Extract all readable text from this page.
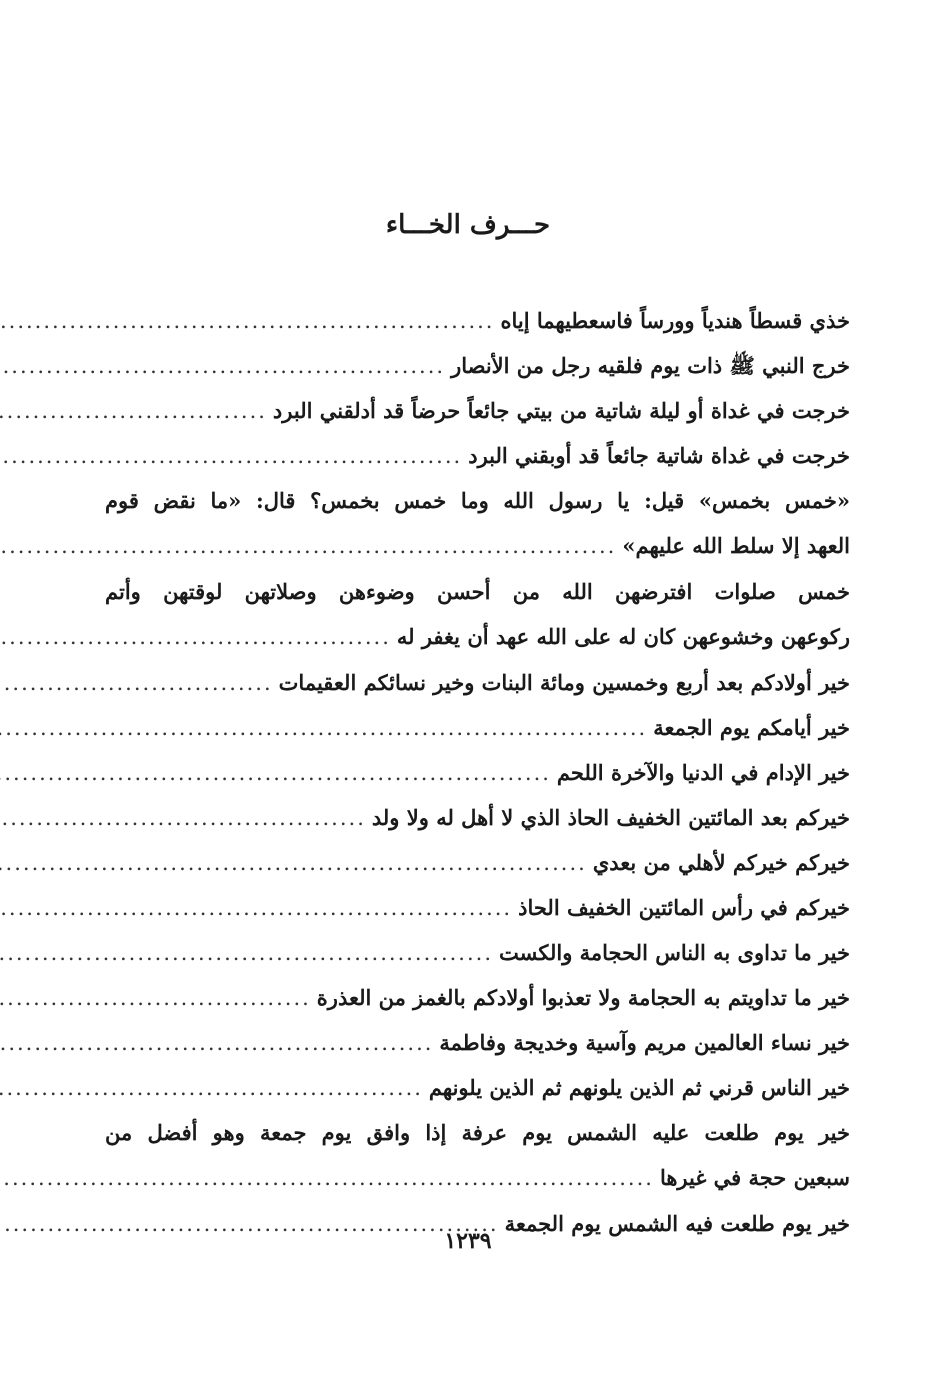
حـــرف الخـــاء
خذي قسطاً هندياً وورساً فاسعطيهما إياه
.....
خرج النبي ﷺ ذات يوم فلقيه رجل من الأنصار
.....
خرجت في غداة أو ليلة شاتية من بيتي جائعاً حرضاً قد أدلقني البرد
.....
خرجت في غداة شاتية جائعاً قد أوبقني البرد
.....
«خمس بخمس» قيل: يا رسول الله وما خمس بخمس؟ قال: «ما نقض قوم
العهد إلا سلط الله عليهم»
.....
خمس صلوات افترضهن الله من أحسن وضوءهن وصلاتهن لوقتهن وأتم
ركوعهن وخشوعهن كان له على الله عهد أن يغفر له
.....
خير أولادكم بعد أربع وخمسين ومائة البنات وخير نسائكم العقيمات
.....
خير أيامكم يوم الجمعة
.....
خير الإدام في الدنيا والآخرة اللحم
.....
خيركم بعد المائتين الخفيف الحاذ الذي لا أهل له ولا ولد
.....
خيركم خيركم لأهلي من بعدي
.....
خيركم في رأس المائتين الخفيف الحاذ
.....
خير ما تداوى به الناس الحجامة والكست
.....
خير ما تداويتم به الحجامة ولا تعذبوا أولادكم بالغمز من العذرة
.....
خير نساء العالمين مريم وآسية وخديجة وفاطمة
.....
خير الناس قرني ثم الذين يلونهم ثم الذين يلونهم
.....
خير يوم طلعت عليه الشمس يوم عرفة إذا وافق يوم جمعة وهو أفضل من
سبعين حجة في غيرها
.....
خير يوم طلعت فيه الشمس يوم الجمعة
.....
١٢٣٩
